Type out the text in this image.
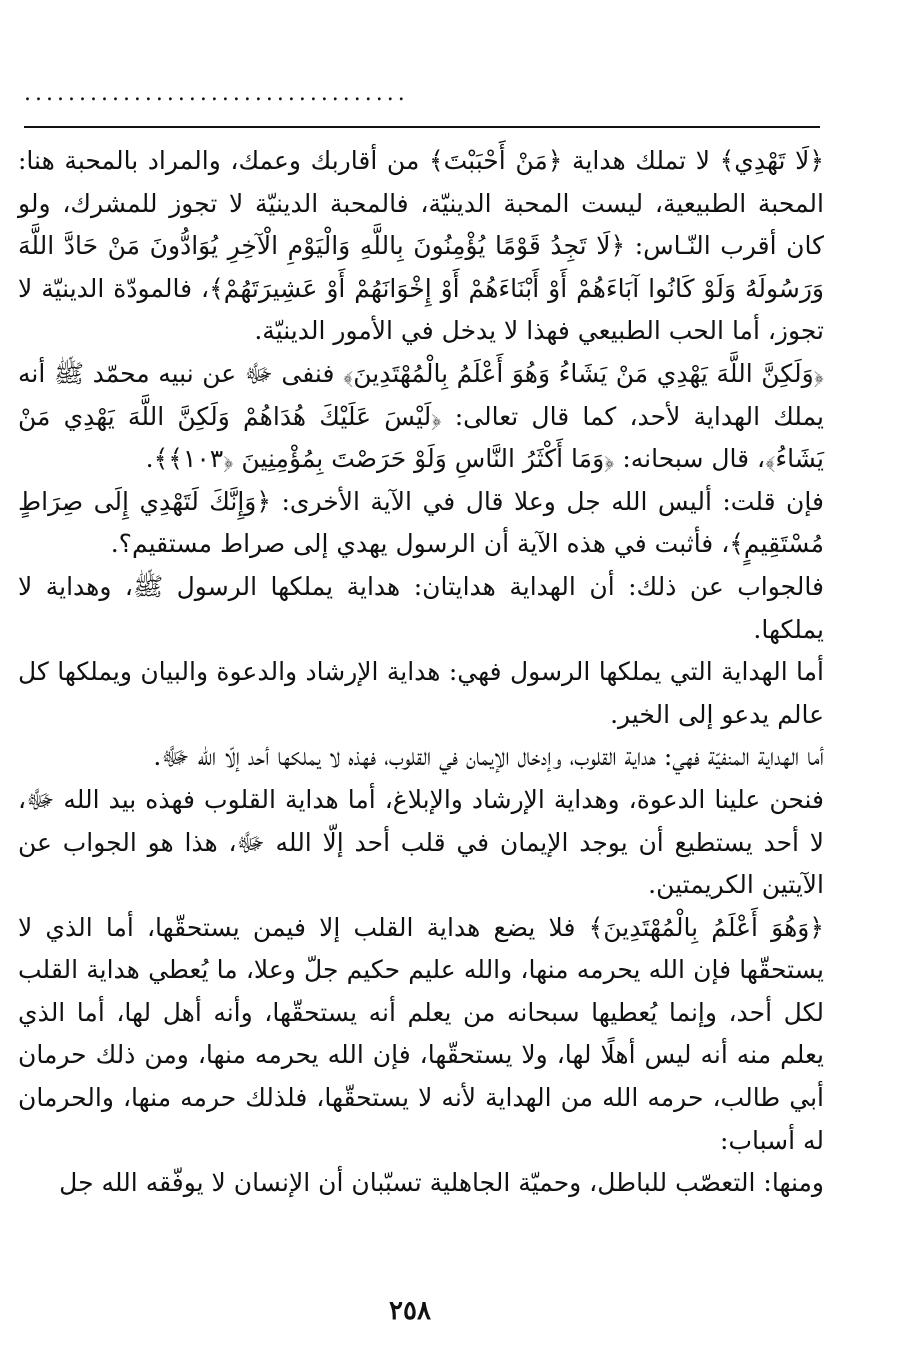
...................................

﴿لَا تَهْدِي﴾ لا تملك هداية ﴿مَنْ أَحْبَبْتَ﴾ من أقاربك وعمك، والمراد بالمحبة هنا: المحبة الطبيعية، ليست المحبة الدينيّة، فالمحبة الدينيّة لا تجوز للمشرك، ولو كان أقرب النّـاس: ﴿لَا تَجِدُ قَوْمًا يُؤْمِنُونَ بِاللَّهِ وَالْيَوْمِ الْآخِرِ يُوَادُّونَ مَنْ حَادَّ اللَّهَ وَرَسُولَهُ وَلَوْ كَانُوا آبَاءَهُمْ أَوْ أَبْنَاءَهُمْ أَوْ إِخْوَانَهُمْ أَوْ عَشِيرَتَهُمْ﴾، فالمودّة الدينيّة لا تجوز، أما الحب الطبيعي فهذا لا يدخل في الأمور الدينيّة.

﴿وَلَكِنَّ اللَّهَ يَهْدِي مَنْ يَشَاءُ وَهُوَ أَعْلَمُ بِالْمُهْتَدِينَ﴾ فنفى ﷻ عن نبيه محمّد ﷺ أنه يملك الهداية لأحد، كما قال تعالى: ﴿لَيْسَ عَلَيْكَ هُدَاهُمْ وَلَكِنَّ اللَّهَ يَهْدِي مَنْ يَشَاءُ﴾، قال سبحانه: ﴿وَمَا أَكْثَرُ النَّاسِ وَلَوْ حَرَصْتَ بِمُؤْمِنِينَ ﴿١٠٣﴾﴾.

فإن قلت: أليس الله جل وعلا قال في الآية الأخرى: ﴿وَإِنَّكَ لَتَهْدِي إِلَى صِرَاطٍ مُسْتَقِيمٍ﴾، فأثبت في هذه الآية أن الرسول يهدي إلى صراط مستقيم؟.

فالجواب عن ذلك: أن الهداية هدايتان: هداية يملكها الرسول ﷺ، وهداية لا يملكها.

أما الهداية التي يملكها الرسول فهي: هداية الإرشاد والدعوة والبيان ويملكها كل عالم يدعو إلى الخير.

أما الهداية المنفيّة فهي: هداية القلوب، وإدخال الإيمان في القلوب، فهذه لا يملكها أحد إلّا الله ﷻ.

فنحن علينا الدعوة، وهداية الإرشاد والإبلاغ، أما هداية القلوب فهذه بيد الله ﷻ، لا أحد يستطيع أن يوجد الإيمان في قلب أحد إلّا الله ﷻ، هذا هو الجواب عن الآيتين الكريمتين.

﴿وَهُوَ أَعْلَمُ بِالْمُهْتَدِينَ﴾ فلا يضع هداية القلب إلا فيمن يستحقّها، أما الذي لا يستحقّها فإن الله يحرمه منها، والله عليم حكيم جلّ وعلا، ما يُعطي هداية القلب لكل أحد، وإنما يُعطيها سبحانه من يعلم أنه يستحقّها، وأنه أهل لها، أما الذي يعلم منه أنه ليس أهلًا لها، ولا يستحقّها، فإن الله يحرمه منها، ومن ذلك حرمان أبي طالب، حرمه الله من الهداية لأنه لا يستحقّها، فلذلك حرمه منها، والحرمان له أسباب:

ومنها: التعصّب للباطل، وحميّة الجاهلية تسبّبان أن الإنسان لا يوفّقه الله جل

٢٥٨
